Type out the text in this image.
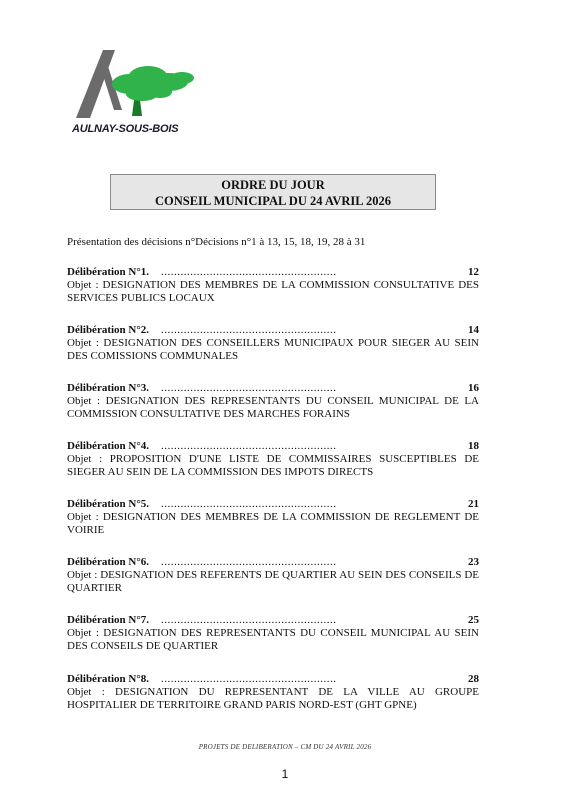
AULNAY-SOUS-BOIS
ORDRE DU JOUR
CONSEIL MUNICIPAL DU 24 AVRIL 2026
Présentation des décisions n°Décisions n°1 à 13, 15, 18, 19, 28 à 31
Délibération N°1. ......................................................	12
Objet : DESIGNATION DES MEMBRES DE LA COMMISSION CONSULTATIVE DES SERVICES PUBLICS LOCAUX
Délibération N°2. ......................................................	14
Objet : DESIGNATION DES CONSEILLERS MUNICIPAUX POUR SIEGER AU SEIN DES COMISSIONS COMMUNALES
Délibération N°3. ......................................................	16
Objet : DESIGNATION DES REPRESENTANTS DU CONSEIL MUNICIPAL DE LA COMMISSION CONSULTATIVE DES MARCHES FORAINS
Délibération N°4. ......................................................	18
Objet : PROPOSITION D'UNE LISTE DE COMMISSAIRES SUSCEPTIBLES DE SIEGER AU SEIN DE LA COMMISSION DES IMPOTS DIRECTS
Délibération N°5. ......................................................	21
Objet : DESIGNATION DES MEMBRES DE LA COMMISSION DE REGLEMENT DE VOIRIE
Délibération N°6. ......................................................	23
Objet : DESIGNATION DES REFERENTS DE QUARTIER AU SEIN DES CONSEILS DE QUARTIER
Délibération N°7. ......................................................	25
Objet : DESIGNATION DES REPRESENTANTS DU CONSEIL MUNICIPAL AU SEIN DES CONSEILS DE QUARTIER
Délibération N°8. ......................................................	28
Objet : DESIGNATION DU REPRESENTANT DE LA VILLE AU GROUPE HOSPITALIER DE TERRITOIRE GRAND PARIS NORD-EST (GHT GPNE)
PROJETS DE DELIBERATION – CM DU 24 AVRIL 2026
1
